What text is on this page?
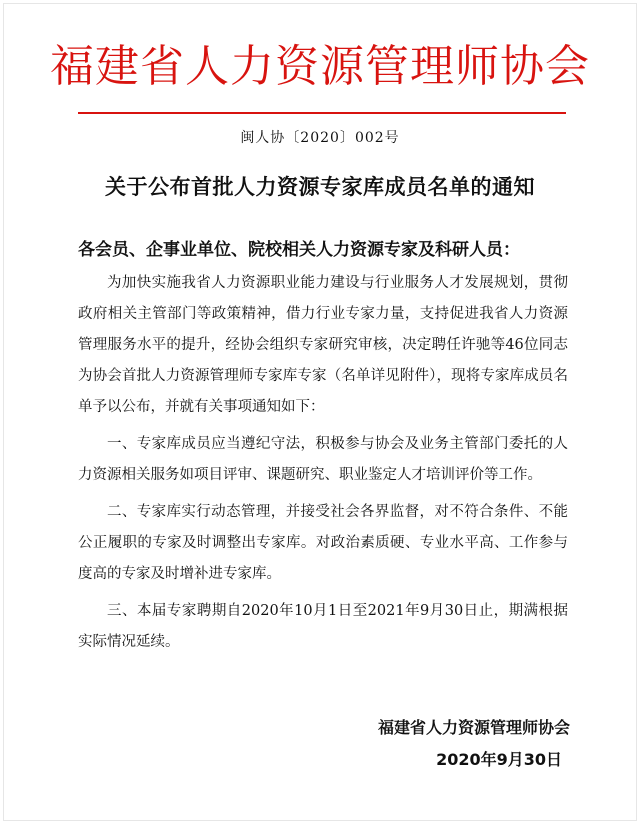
福建省人力资源管理师协会
闽人协〔2020〕002号
关于公布首批人力资源专家库成员名单的通知
各会员、企事业单位、院校相关人力资源专家及科研人员：

为加快实施我省人力资源职业能力建设与行业服务人才发展规划，贯彻政府相关主管部门等政策精神，借力行业专家力量，支持促进我省人力资源管理服务水平的提升，经协会组织专家研究审核，决定聘任许驰等46位同志为协会首批人力资源管理师专家库专家（名单详见附件），现将专家库成员名单予以公布，并就有关事项通知如下：

一、专家库成员应当遵纪守法，积极参与协会及业务主管部门委托的人力资源相关服务如项目评审、课题研究、职业鉴定人才培训评价等工作。

二、专家库实行动态管理，并接受社会各界监督，对不符合条件、不能公正履职的专家及时调整出专家库。对政治素质硬、专业水平高、工作参与度高的专家及时增补进专家库。

三、本届专家聘期自2020年10月1日至2021年9月30日止，期满根据实际情况延续。

福建省人力资源管理师协会
2020年9月30日
